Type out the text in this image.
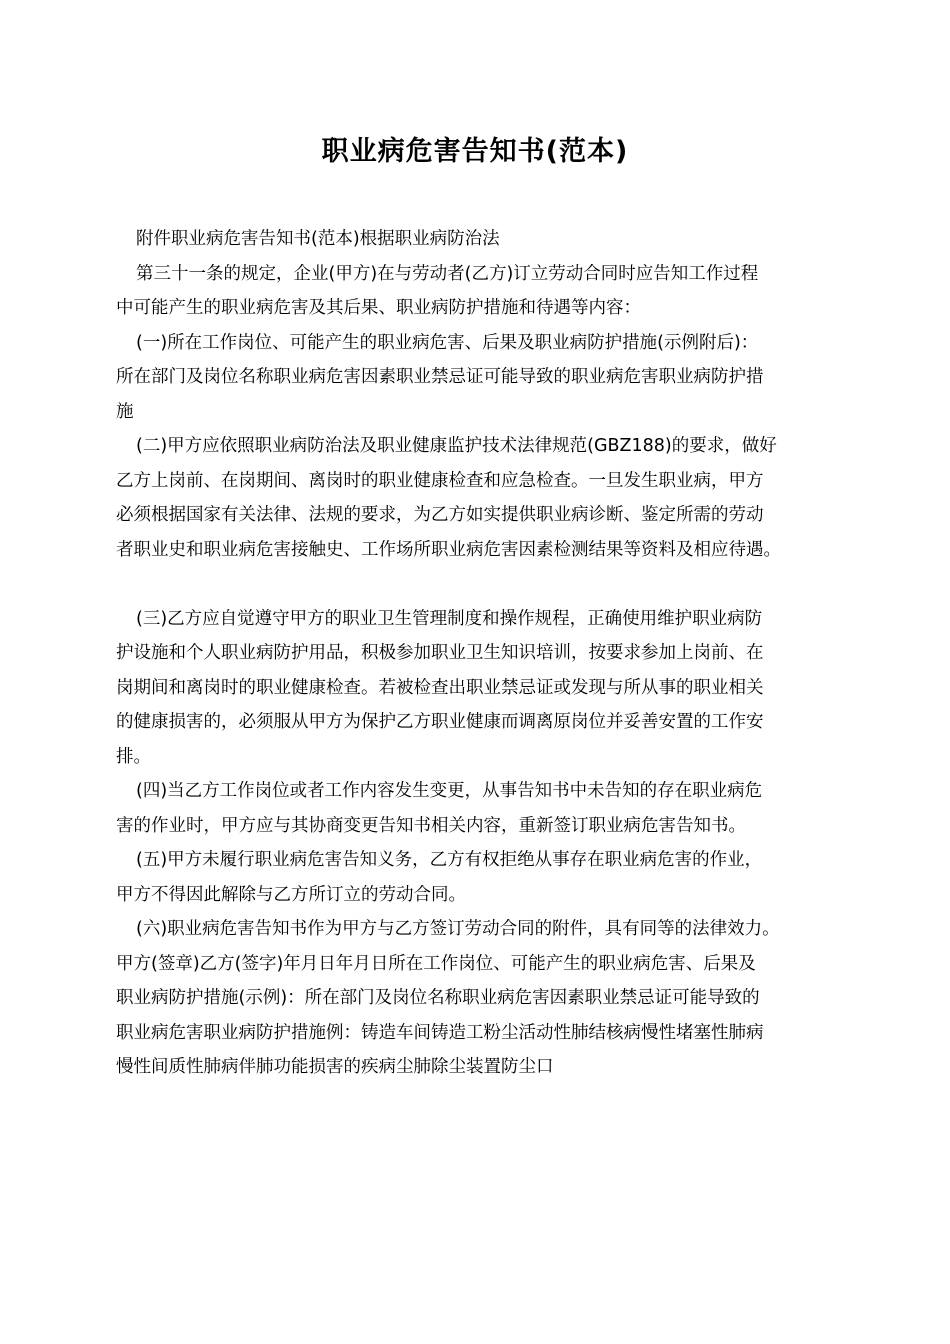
职业病危害告知书(范本)
附件职业病危害告知书(范本)根据职业病防治法
第三十一条的规定，企业(甲方)在与劳动者(乙方)订立劳动合同时应告知工作过程
中可能产生的职业病危害及其后果、职业病防护措施和待遇等内容：
(一)所在工作岗位、可能产生的职业病危害、后果及职业病防护措施(示例附后)：
所在部门及岗位名称职业病危害因素职业禁忌证可能导致的职业病危害职业病防护措
施
(二)甲方应依照职业病防治法及职业健康监护技术法律规范(GBZ188)的要求，做好
乙方上岗前、在岗期间、离岗时的职业健康检查和应急检查。一旦发生职业病，甲方
必须根据国家有关法律、法规的要求，为乙方如实提供职业病诊断、鉴定所需的劳动
者职业史和职业病危害接触史、工作场所职业病危害因素检测结果等资料及相应待遇。
(三)乙方应自觉遵守甲方的职业卫生管理制度和操作规程，正确使用维护职业病防
护设施和个人职业病防护用品，积极参加职业卫生知识培训，按要求参加上岗前、在
岗期间和离岗时的职业健康检查。若被检查出职业禁忌证或发现与所从事的职业相关
的健康损害的，必须服从甲方为保护乙方职业健康而调离原岗位并妥善安置的工作安
排。
(四)当乙方工作岗位或者工作内容发生变更，从事告知书中未告知的存在职业病危
害的作业时，甲方应与其协商变更告知书相关内容，重新签订职业病危害告知书。
(五)甲方未履行职业病危害告知义务，乙方有权拒绝从事存在职业病危害的作业，
甲方不得因此解除与乙方所订立的劳动合同。
(六)职业病危害告知书作为甲方与乙方签订劳动合同的附件，具有同等的法律效力。
甲方(签章)乙方(签字)年月日年月日所在工作岗位、可能产生的职业病危害、后果及
职业病防护措施(示例)：所在部门及岗位名称职业病危害因素职业禁忌证可能导致的
职业病危害职业病防护措施例：铸造车间铸造工粉尘活动性肺结核病慢性堵塞性肺病
慢性间质性肺病伴肺功能损害的疾病尘肺除尘装置防尘口
